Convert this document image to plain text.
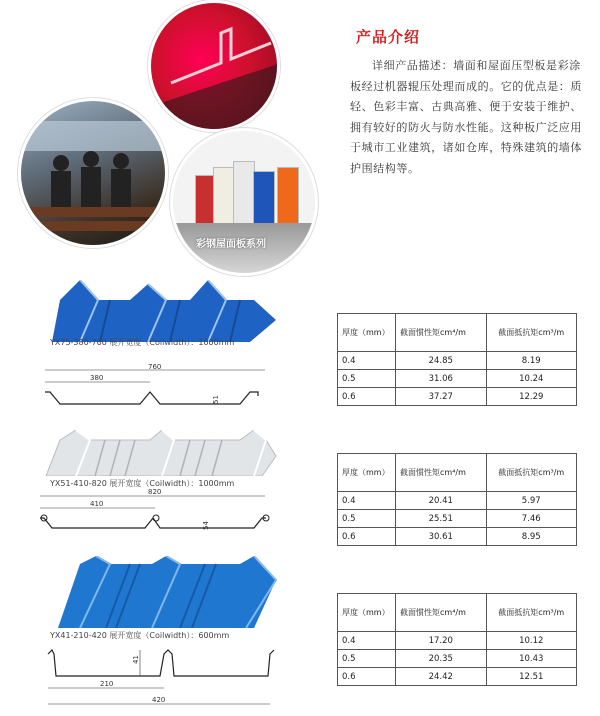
彩钢屋面板系列
产品介绍
详细产品描述：墙面和屋面压型板是彩涂板经过机器辊压处理而成的。它的优点是：质轻、色彩丰富、古典高雅、便于安装于维护、拥有较好的防火与防水性能。这种板广泛应用于城市工业建筑，诸如仓库，特殊建筑的墙体护围结构等。
YX75-380-760 展开宽度（Coilwidth）：1000mm
760
380
51
厚度（mm）	截面惯性矩cm⁴/m	截面抵抗矩cm³/m
0.4	24.85	8.19
0.5	31.06	10.24
0.6	37.27	12.29
YX51-410-820 展开宽度（Coilwidth）：1000mm
820
410
54
厚度（mm）	截面惯性矩cm⁴/m	截面抵抗矩cm³/m
0.4	20.41	5.97
0.5	25.51	7.46
0.6	30.61	8.95
YX41-210-420 展开宽度（Coilwidth）：600mm
41
210
420
厚度（mm）	截面惯性矩cm⁴/m	截面抵抗矩cm³/m
0.4	17.20	10.12
0.5	20.35	10.43
0.6	24.42	12.51
